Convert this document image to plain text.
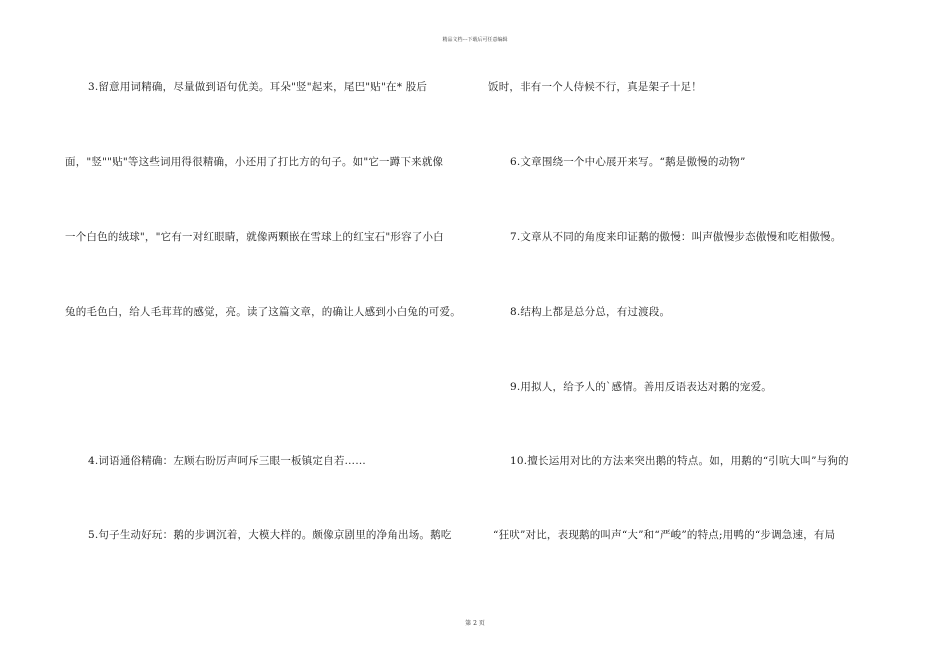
精品文档---下载后可任意编辑
3.留意用词精确，尽量做到语句优美。耳朵"竖"起来，尾巴"贴"在* 股后
面，"竖""贴"等这些词用得很精确，小还用了打比方的句子。如"它一蹲下来就像
一个白色的绒球"，"它有一对红眼睛，就像两颗嵌在雪球上的红宝石"形容了小白
兔的毛色白，给人毛茸茸的感觉，亮。读了这篇文章，的确让人感到小白兔的可爱。
4.词语通俗精确：左顾右盼厉声呵斥三眼一板镇定自若……
5.句子生动好玩：鹅的步调沉着，大模大样的。颇像京剧里的净角出场。鹅吃
饭时，非有一个人侍候不行，真是架子十足！
6.文章围绕一个中心展开来写。“鹅是傲慢的动物”
7.文章从不同的角度来印证鹅的傲慢：叫声傲慢步态傲慢和吃相傲慢。
8.结构上都是总分总，有过渡段。
9.用拟人，给予人的`感情。善用反语表达对鹅的宠爱。
10.擅长运用对比的方法来突出鹅的特点。如，用鹅的“引吭大叫”与狗的
“狂吠”对比，表现鹅的叫声“大”和“严峻”的特点;用鸭的“步调急速，有局
第 2 页
